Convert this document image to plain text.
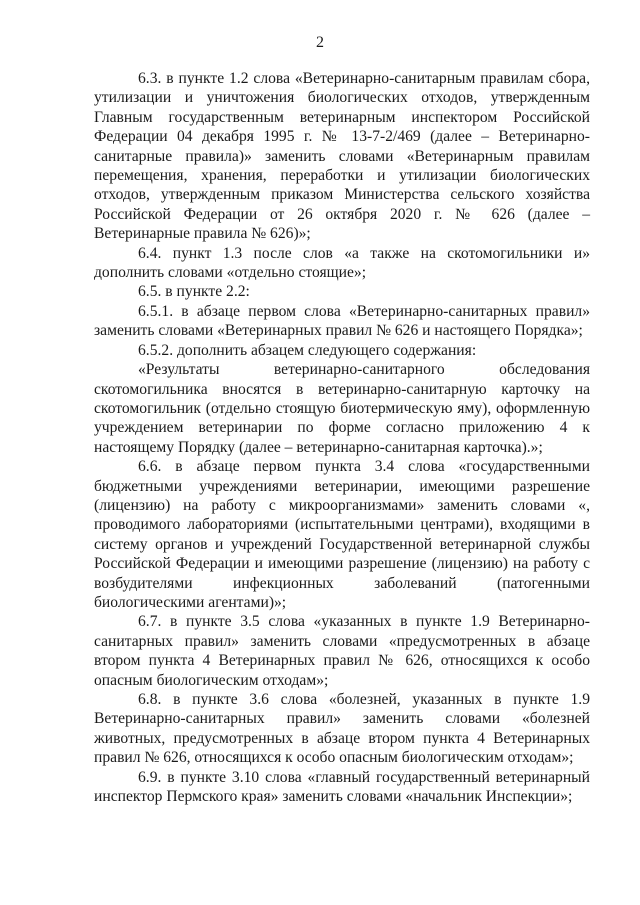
2

6.3. в пункте 1.2 слова «Ветеринарно-санитарным правилам сбора, утилизации и уничтожения биологических отходов, утвержденным Главным государственным ветеринарным инспектором Российской Федерации 04 декабря 1995 г. № 13-7-2/469 (далее – Ветеринарно-санитарные правила)» заменить словами «Ветеринарным правилам перемещения, хранения, переработки и утилизации биологических отходов, утвержденным приказом Министерства сельского хозяйства Российской Федерации от 26 октября 2020 г. № 626 (далее – Ветеринарные правила № 626)»;

6.4. пункт 1.3 после слов «а также на скотомогильники и» дополнить словами «отдельно стоящие»;

6.5. в пункте 2.2:

6.5.1. в абзаце первом слова «Ветеринарно-санитарных правил» заменить словами «Ветеринарных правил № 626 и настоящего Порядка»;

6.5.2. дополнить абзацем следующего содержания:

«Результаты ветеринарно-санитарного обследования скотомогильника вносятся в ветеринарно-санитарную карточку на скотомогильник (отдельно стоящую биотермическую яму), оформленную учреждением ветеринарии по форме согласно приложению 4 к настоящему Порядку (далее – ветеринарно-санитарная карточка).»;

6.6. в абзаце первом пункта 3.4 слова «государственными бюджетными учреждениями ветеринарии, имеющими разрешение (лицензию) на работу с микроорганизмами» заменить словами «, проводимого лабораториями (испытательными центрами), входящими в систему органов и учреждений Государственной ветеринарной службы Российской Федерации и имеющими разрешение (лицензию) на работу с возбудителями инфекционных заболеваний (патогенными биологическими агентами)»;

6.7. в пункте 3.5 слова «указанных в пункте 1.9 Ветеринарно-санитарных правил» заменить словами «предусмотренных в абзаце втором пункта 4 Ветеринарных правил № 626, относящихся к особо опасным биологическим отходам»;

6.8. в пункте 3.6 слова «болезней, указанных в пункте 1.9 Ветеринарно-санитарных правил» заменить словами «болезней животных, предусмотренных в абзаце втором пункта 4 Ветеринарных правил № 626, относящихся к особо опасным биологическим отходам»;

6.9. в пункте 3.10 слова «главный государственный ветеринарный инспектор Пермского края» заменить словами «начальник Инспекции»;
